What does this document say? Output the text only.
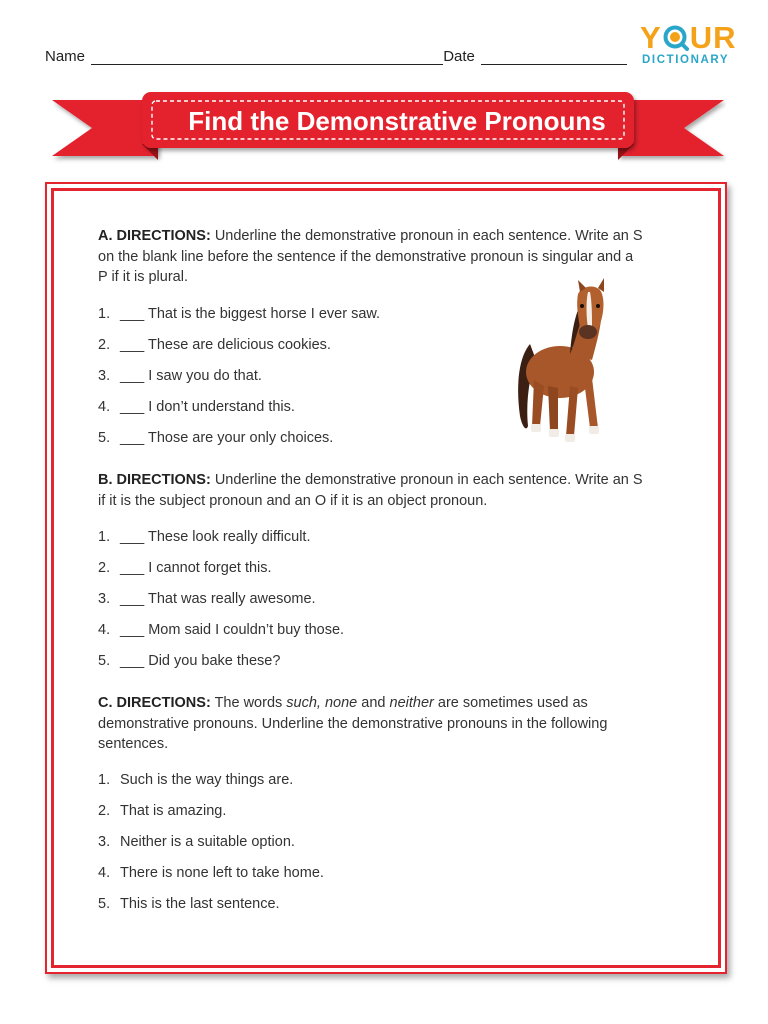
Name	Date
Y UR
DICTIONARY
Find the Demonstrative Pronouns
A. DIRECTIONS: Underline the demonstrative pronoun in each sentence. Write an S on the blank line before the sentence if the demonstrative pronoun is singular and a P if it is plural.
1. ___ That is the biggest horse I ever saw.
2. ___ These are delicious cookies.
3. ___ I saw you do that.
4. ___ I don’t understand this.
5. ___ Those are your only choices.
B. DIRECTIONS: Underline the demonstrative pronoun in each sentence. Write an S if it is the subject pronoun and an O if it is an object pronoun.
1. ___ These look really difficult.
2. ___ I cannot forget this.
3. ___ That was really awesome.
4. ___ Mom said I couldn’t buy those.
5. ___ Did you bake these?
C. DIRECTIONS: The words such, none and neither are sometimes used as demonstrative pronouns. Underline the demonstrative pronouns in the following sentences.
1. Such is the way things are.
2. That is amazing.
3. Neither is a suitable option.
4. There is none left to take home.
5. This is the last sentence.
